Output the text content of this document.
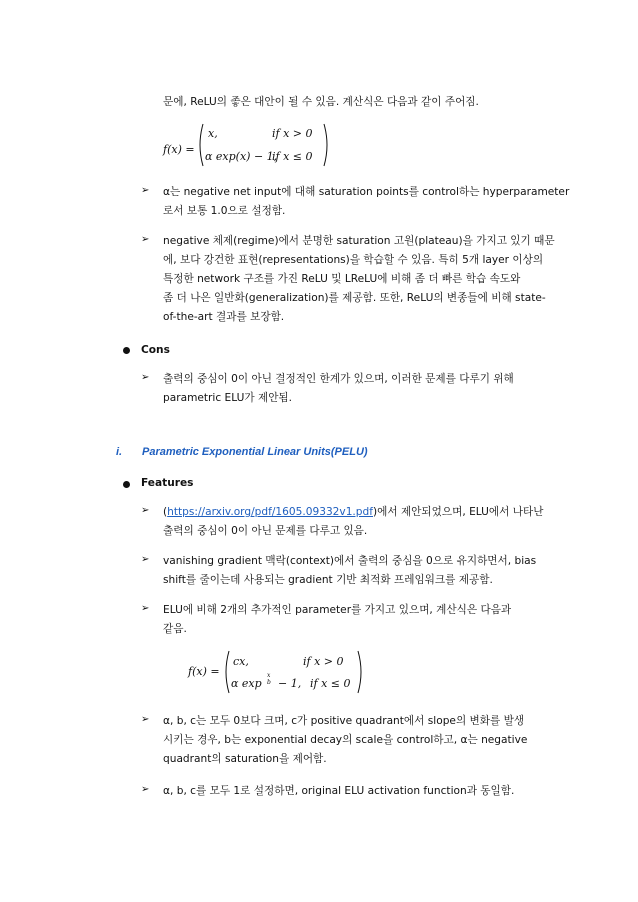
문에, ReLU의 좋은 대안이 될 수 있음. 계산식은 다음과 같이 주어짐.
f(x) =
x,	if x > 0
α exp(x) − 1,
if x ≤ 0
➢ α는 negative net input에 대해 saturation points를 control하는 hyperparameter
로서 보통 1.0으로 설정함.
➢ negative 체제(regime)에서 분명한 saturation 고원(plateau)을 가지고 있기 때문
에, 보다 강건한 표현(representations)을 학습할 수 있음. 특히 5개 layer 이상의
특정한 network 구조를 가진 ReLU 및 LReLU에 비해 좀 더 빠른 학습 속도와
좀 더 나은 일반화(generalization)를 제공함. 또한, ReLU의 변종들에 비해 state-
of-the-art 결과를 보장함.
Cons
➢ 출력의 중심이 0이 아닌 결정적인 한계가 있으며, 이러한 문제를 다루기 위해
parametric ELU가 제안됨.
i. Parametric Exponential Linear Units(PELU)
Features
➢ (https://arxiv.org/pdf/1605.09332v1.pdf)에서 제안되었으며, ELU에서 나타난
출력의 중심이 0이 아닌 문제를 다루고 있음.
➢ vanishing gradient 맥락(context)에서 출력의 중심을 0으로 유지하면서, bias
shift를 줄이는데 사용되는 gradient 기반 최적화 프레임워크를 제공함.
➢ ELU에 비해 2개의 추가적인 parameter를 가지고 있으며, 계산식은 다음과
같음.
f(x) =
cx,	if x > 0
α exp
x
b − 1, if x ≤ 0
➢ α, b, c는 모두 0보다 크며, c가 positive quadrant에서 slope의 변화를 발생
시키는 경우, b는 exponential decay의 scale을 control하고, α는 negative
quadrant의 saturation을 제어함.
➢ α, b, c를 모두 1로 설정하면, original ELU activation function과 동일함.
